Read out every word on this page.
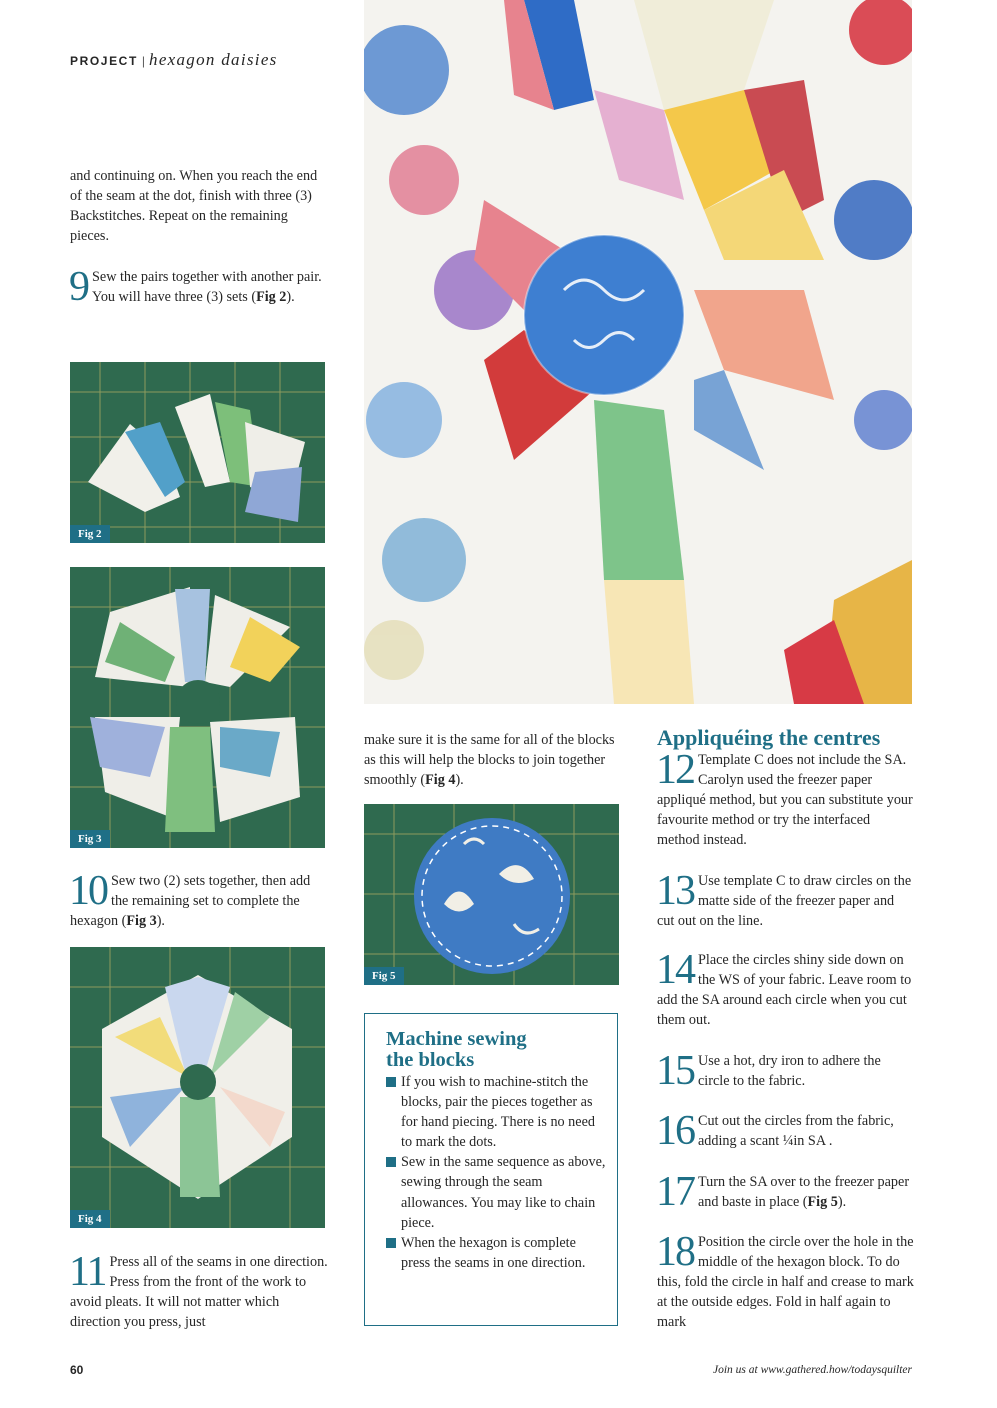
PROJECT | hexagon daisies

and continuing on. When you reach the end of the seam at the dot, finish with three (3) Backstitches. Repeat on the remaining pieces.

9 Sew the pairs together with another pair. You will have three (3) sets (Fig 2).

Fig 2
Fig 3
10 Sew two (2) sets together, then add the remaining set to complete the hexagon (Fig 3).

Fig 4
11 Press all of the seams in one direction. Press from the front of the work to avoid pleats. It will not matter which direction you press, just

make sure it is the same for all of the blocks as this will help the blocks to join together smoothly (Fig 4).

Fig 5
Machine sewing
the blocks
If you wish to machine-stitch the blocks, pair the pieces together as for hand piecing. There is no need to mark the dots.
Sew in the same sequence as above, sewing through the seam allowances. You may like to chain piece.
When the hexagon is complete press the seams in one direction.
Appliquéing the centres
12 Template C does not include the SA. Carolyn used the freezer paper appliqué method, but you can substitute your favourite method or try the interfaced method instead.

13 Use template C to draw circles on the matte side of the freezer paper and cut out on the line.

14 Place the circles shiny side down on the WS of your fabric. Leave room to add the SA around each circle when you cut them out.

15 Use a hot, dry iron to adhere the circle to the fabric.

16 Cut out the circles from the fabric, adding a scant ¼in SA .

17 Turn the SA over to the freezer paper and baste in place (Fig 5).

18 Position the circle over the hole in the middle of the hexagon block. To do this, fold the circle in half and crease to mark at the outside edges. Fold in half again to mark

60	Join us at www.gathered.how/todaysquilter
